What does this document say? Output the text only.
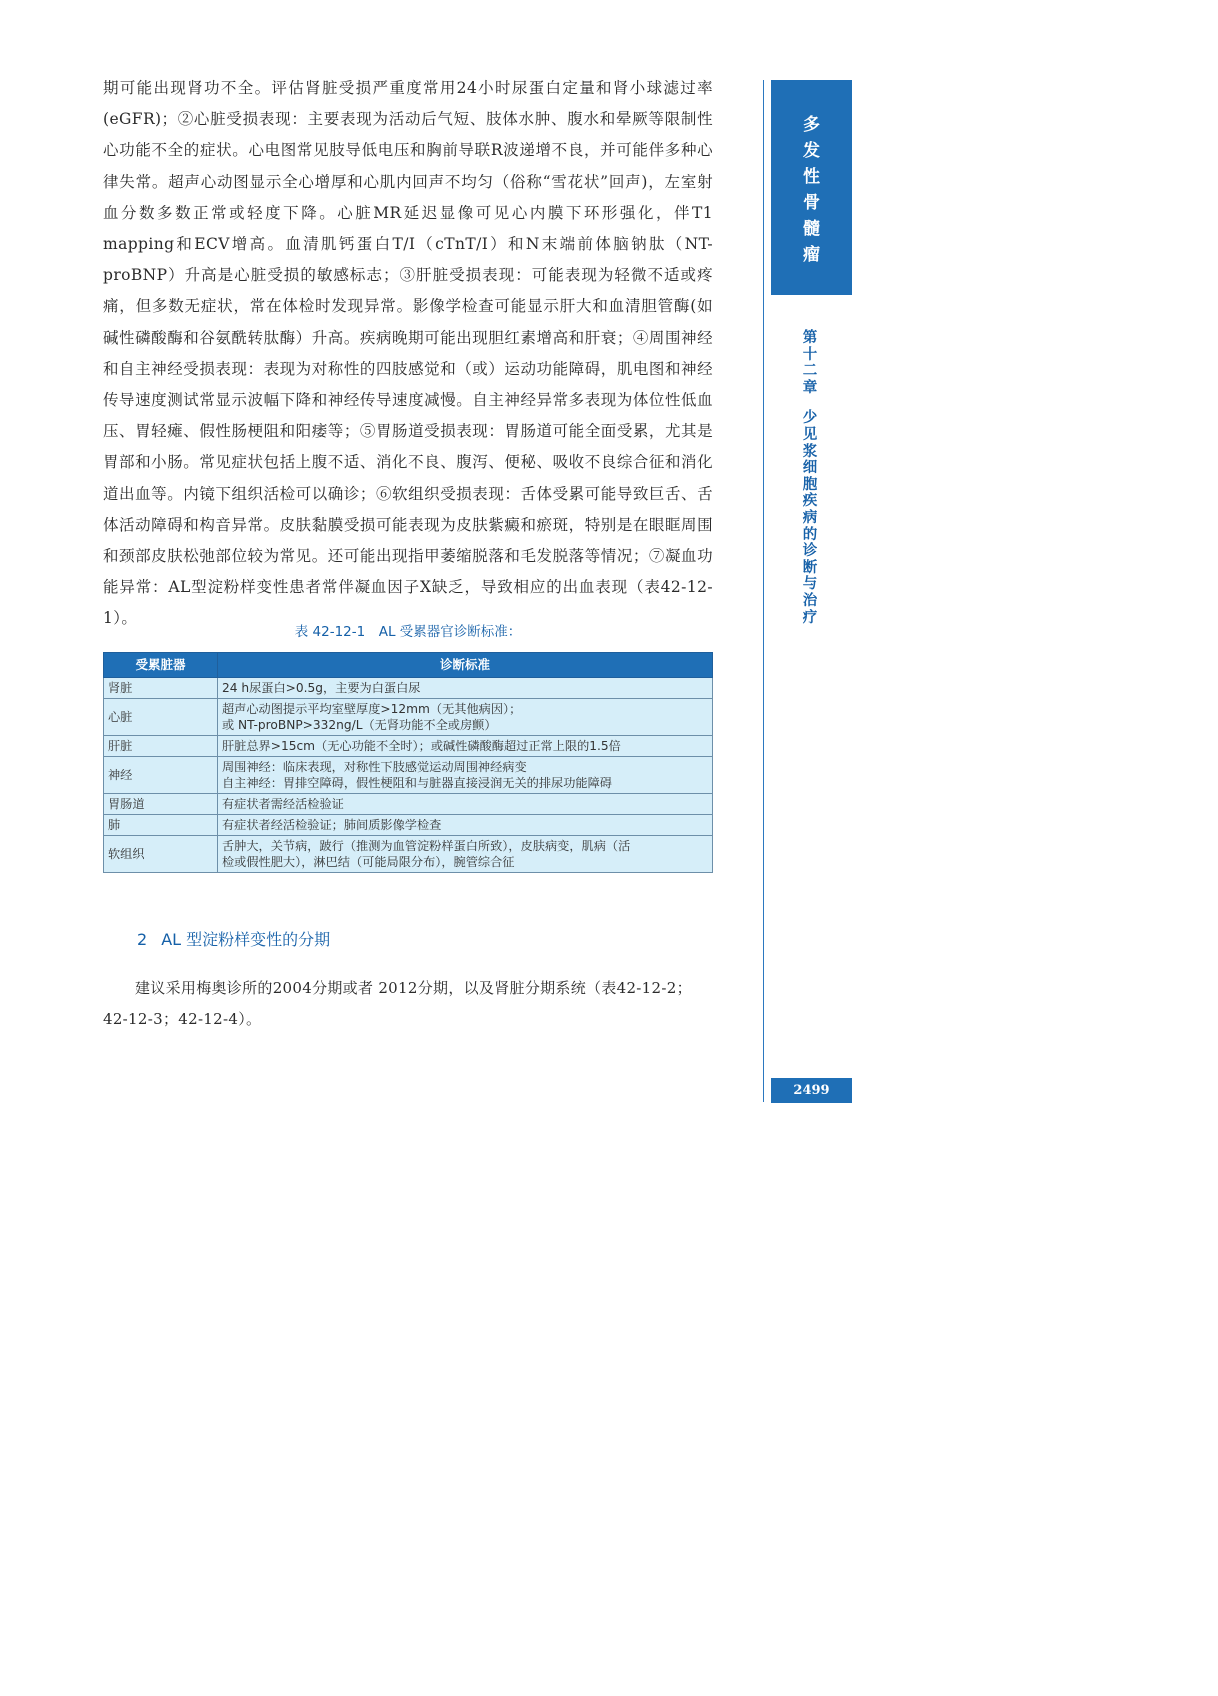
期可能出现肾功不全。评估肾脏受损严重度常用24小时尿蛋白定量和肾小球滤过率(eGFR)；②心脏受损表现：主要表现为活动后气短、肢体水肿、腹水和晕厥等限制性心功能不全的症状。心电图常见肢导低电压和胸前导联R波递增不良，并可能伴多种心律失常。超声心动图显示全心增厚和心肌内回声不均匀（俗称“雪花状”回声)，左室射血分数多数正常或轻度下降。心脏MR延迟显像可见心内膜下环形强化，伴T1 mapping和ECV增高。血清肌钙蛋白T/I（cTnT/I）和N末端前体脑钠肽（NT-proBNP）升高是心脏受损的敏感标志；③肝脏受损表现：可能表现为轻微不适或疼痛，但多数无症状，常在体检时发现异常。影像学检查可能显示肝大和血清胆管酶(如碱性磷酸酶和谷氨酰转肽酶）升高。疾病晚期可能出现胆红素增高和肝衰；④周围神经和自主神经受损表现：表现为对称性的四肢感觉和（或）运动功能障碍，肌电图和神经传导速度测试常显示波幅下降和神经传导速度减慢。自主神经异常多表现为体位性低血压、胃轻瘫、假性肠梗阻和阳痿等；⑤胃肠道受损表现：胃肠道可能全面受累，尤其是胃部和小肠。常见症状包括上腹不适、消化不良、腹泻、便秘、吸收不良综合征和消化道出血等。内镜下组织活检可以确诊；⑥软组织受损表现：舌体受累可能导致巨舌、舌体活动障碍和构音异常。皮肤黏膜受损可能表现为皮肤紫癜和瘀斑，特别是在眼眶周围和颈部皮肤松弛部位较为常见。还可能出现指甲萎缩脱落和毛发脱落等情况；⑦凝血功能异常：AL型淀粉样变性患者常伴凝血因子X缺乏，导致相应的出血表现（表42-12-1）。

表 42-12-1　AL 受累器官诊断标准：
受累脏器	诊断标准
肾脏	24 h尿蛋白>0.5g，主要为白蛋白尿

心脏	超声心动图提示平均室壁厚度>12mm（无其他病因）；
或 NT-proBNP>332ng/L（无肾功能不全或房颤）

肝脏	肝脏总界>15cm（无心功能不全时）；或碱性磷酸酶超过正常上限的1.5倍

神经	周围神经：临床表现，对称性下肢感觉运动周围神经病变
自主神经：胃排空障碍，假性梗阻和与脏器直接浸润无关的排尿功能障碍

胃肠道	有症状者需经活检验证

肺	有症状者经活检验证；肺间质影像学检查

软组织	舌肿大，关节病，跛行（推测为血管淀粉样蛋白所致），皮肤病变，肌病（活
检或假性肥大），淋巴结（可能局限分布），腕管综合征
2 AL 型淀粉样变性的分期

建议采用梅奥诊所的2004分期或者 2012分期，以及肾脏分期系统（表42-12-2；42-12-3；42-12-4）。

多
发
性
骨
髓
瘤
第
十
二
章
少
见
浆
细
胞
疾
病
的
诊
断
与
治
疗
2499
